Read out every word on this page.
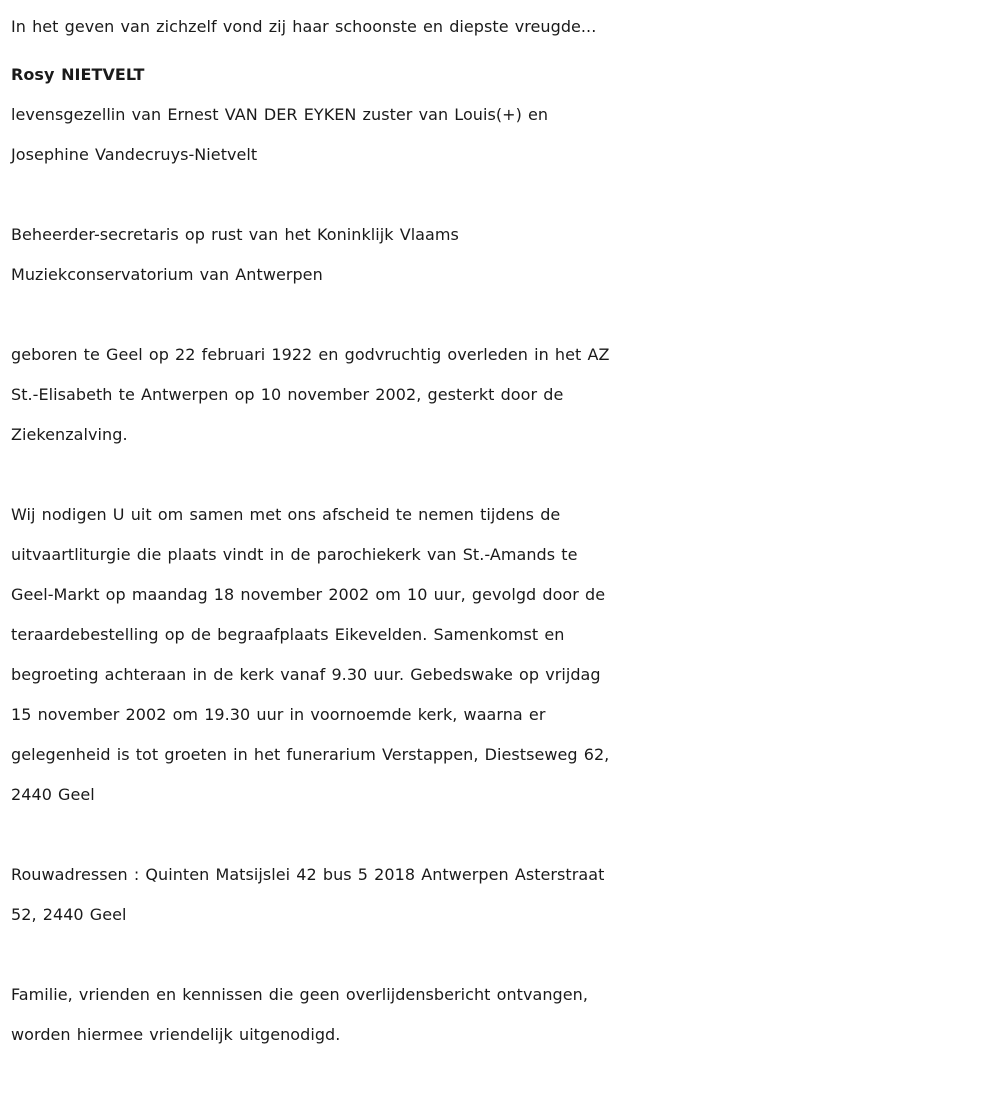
In het geven van zichzelf vond zij haar schoonste en diepste vreugde...

Rosy NIETVELT

levensgezellin van Ernest VAN DER EYKEN zuster van Louis(+) en

Josephine Vandecruys-Nietvelt

Beheerder-secretaris op rust van het Koninklijk Vlaams

Muziekconservatorium van Antwerpen

geboren te Geel op 22 februari 1922 en godvruchtig overleden in het AZ

St.-Elisabeth te Antwerpen op 10 november 2002, gesterkt door de

Ziekenzalving.

Wij nodigen U uit om samen met ons afscheid te nemen tijdens de

uitvaartliturgie die plaats vindt in de parochiekerk van St.-Amands te

Geel-Markt op maandag 18 november 2002 om 10 uur, gevolgd door de

teraardebestelling op de begraafplaats Eikevelden. Samenkomst en

begroeting achteraan in de kerk vanaf 9.30 uur. Gebedswake op vrijdag

15 november 2002 om 19.30 uur in voornoemde kerk, waarna er

gelegenheid is tot groeten in het funerarium Verstappen, Diestseweg 62,

2440 Geel

Rouwadressen : Quinten Matsijslei 42 bus 5 2018 Antwerpen Asterstraat

52, 2440 Geel

Familie, vrienden en kennissen die geen overlijdensbericht ontvangen,

worden hiermee vriendelijk uitgenodigd.
